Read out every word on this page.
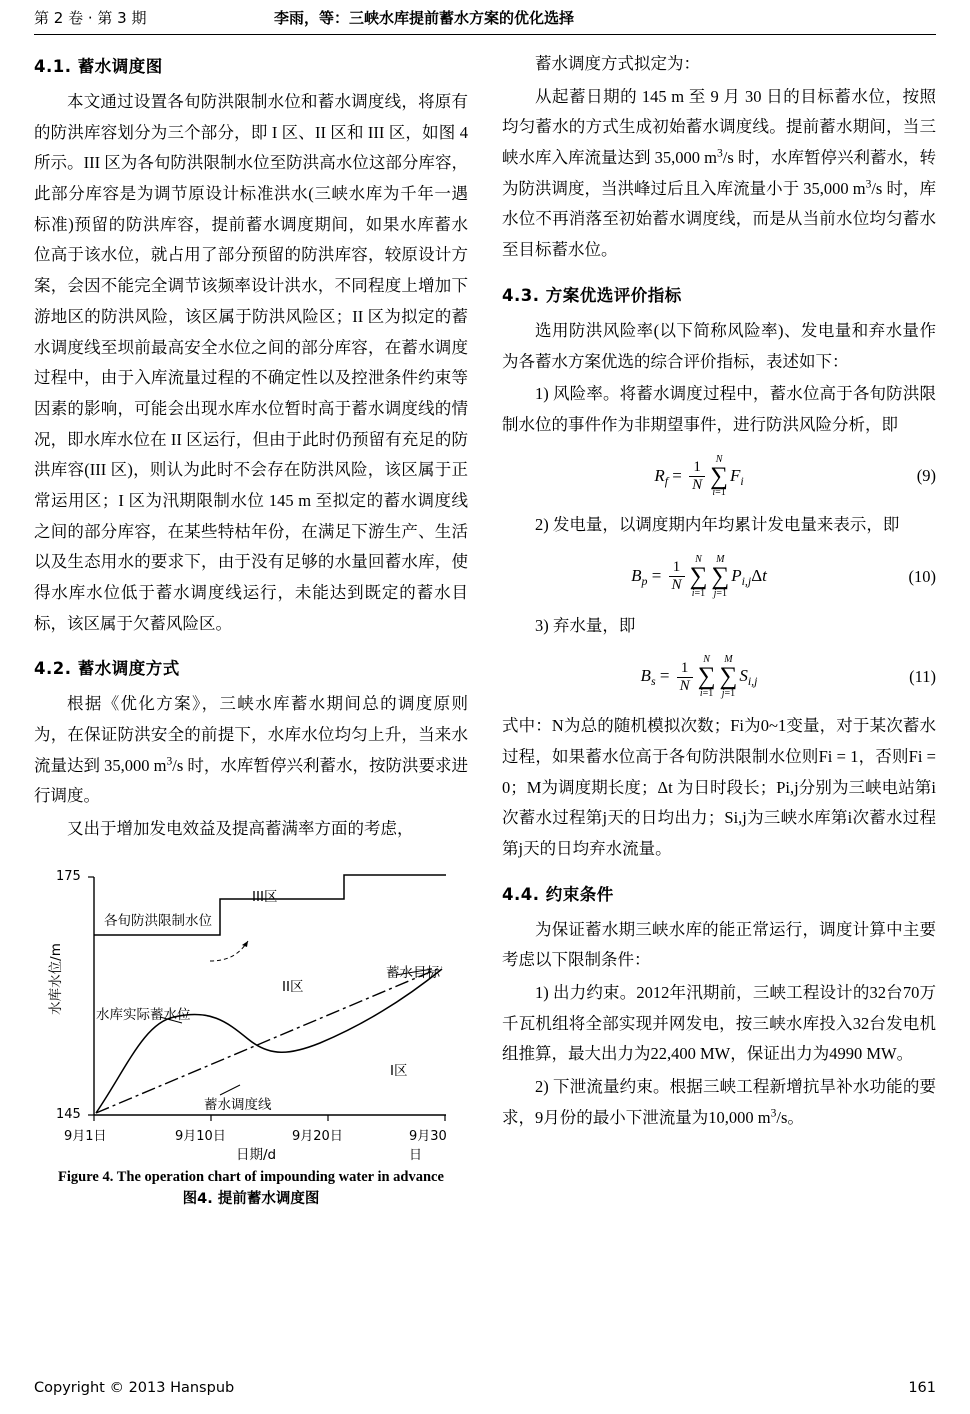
第 2 卷 · 第 3 期	李雨，等：三峡水库提前蓄水方案的优化选择
4.1. 蓄水调度图

本文通过设置各旬防洪限制水位和蓄水调度线，将原有的防洪库容划分为三个部分，即 I 区、II 区和 III 区，如图 4 所示。III 区为各旬防洪限制水位至防洪高水位这部分库容，此部分库容是为调节原设计标准洪水(三峡水库为千年一遇标准)预留的防洪库容，提前蓄水调度期间，如果水库蓄水位高于该水位，就占用了部分预留的防洪库容，较原设计方案，会因不能完全调节该频率设计洪水，不同程度上增加下游地区的防洪风险，该区属于防洪风险区；II 区为拟定的蓄水调度线至坝前最高安全水位之间的部分库容，在蓄水调度过程中，由于入库流量过程的不确定性以及控泄条件约束等因素的影响，可能会出现水库水位暂时高于蓄水调度线的情况，即水库水位在 II 区运行，但由于此时仍预留有充足的防洪库容(III 区)，则认为此时不会存在防洪风险，该区属于正常运用区；I 区为汛期限制水位 145 m 至拟定的蓄水调度线之间的部分库容，在某些特枯年份，在满足下游生产、生活以及生态用水的要求下，由于没有足够的水量回蓄水库，使得水库水位低于蓄水调度线运行，未能达到既定的蓄水目标，该区属于欠蓄风险区。

4.2. 蓄水调度方式

根据《优化方案》，三峡水库蓄水期间总的调度原则为，在保证防洪安全的前提下，水库水位均匀上升，当来水流量达到 35,000 $m^3/s$ 时，水库暂停兴利蓄水，按防洪要求进行调度。

又出于增加发电效益及提高蓄满率方面的考虑，

175
145
水库水位/m
9月1日	9月10日	9月20日	9月30日
日期/d
III区
II区
I区
各旬防洪限制水位
水库实际蓄水位
蓄水目标
蓄水调度线
Figure 4. The operation chart of impounding water in advance
图4. 提前蓄水调度图

蓄水调度方式拟定为：

从起蓄日期的 145 m 至 9 月 30 日的目标蓄水位，按照均匀蓄水的方式生成初始蓄水调度线。提前蓄水期间，当三峡水库入库流量达到 35,000 $m^3/s$ 时，水库暂停兴利蓄水，转为防洪调度，当洪峰过后且入库流量小于 35,000 $m^3/s$ 时，库水位不再消落至初始蓄水调度线，而是从当前水位均匀蓄水至目标蓄水位。

4.3. 方案优选评价指标

选用防洪风险率(以下简称风险率)、发电量和弃水量作为各蓄水方案优选的综合评价指标，表述如下：

1) 风险率。将蓄水调度过程中，蓄水位高于各旬防洪限制水位的事件作为非期望事件，进行防洪风险分析，即

$R_f = \frac{1}{N}$	N
∑
i=1
$F_i$	(9)

2) 发电量，以调度期内年均累计发电量来表示，即

$B_p = \frac{1}{N}$	N
∑
i=1
M
∑
j=1
$P_{i,j}\Delta t$	(10)

3) 弃水量，即

$B_s = \frac{1}{N}$	N
∑
i=1
M
∑
j=1
$S_{i,j}$	(11)

式中：N为总的随机模拟次数；Fi为0~1变量，对于某次蓄水过程，如果蓄水位高于各旬防洪限制水位则Fi = 1，否则Fi = 0；M为调度期长度；Δt 为日时段长；Pi,j分别为三峡电站第i次蓄水过程第j天的日均出力；Si,j为三峡水库第i次蓄水过程第j天的日均弃水流量。

4.4. 约束条件

为保证蓄水期三峡水库的能正常运行，调度计算中主要考虑以下限制条件：

1) 出力约束。2012年汛期前，三峡工程设计的32台70万千瓦机组将全部实现并网发电，按三峡水库投入32台发电机组推算，最大出力为22,400 MW，保证出力为4990 MW。

2) 下泄流量约束。根据三峡工程新增抗旱补水功能的要求，9月份的最小下泄流量为10,000 $m^3/s$。

Copyright © 2013 Hanspub	161
